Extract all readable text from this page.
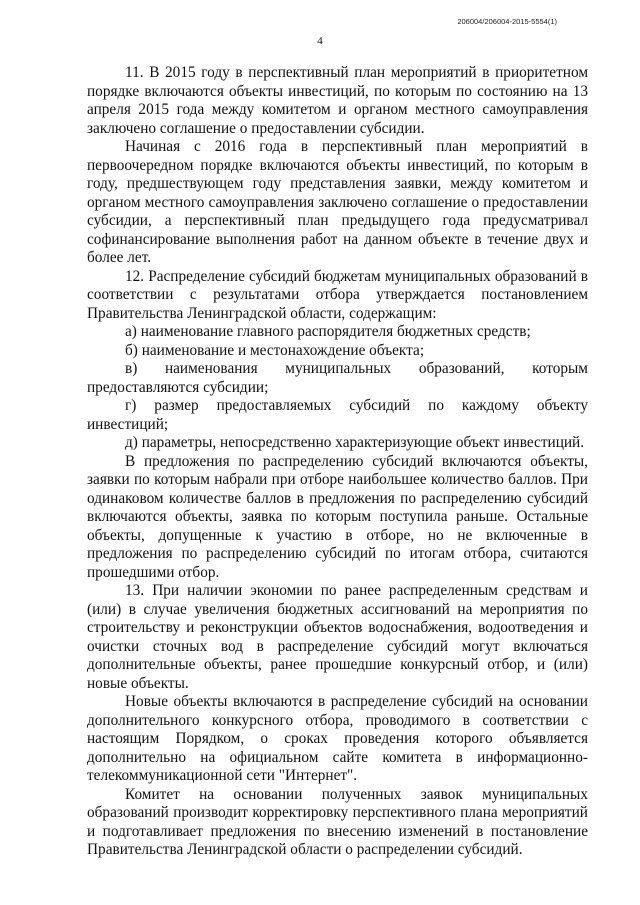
206004/206004-2015-5554(1)
4

11. В 2015 году в перспективный план мероприятий в приоритетном порядке включаются объекты инвестиций, по которым по состоянию на 13 апреля 2015 года между комитетом и органом местного самоуправления заключено соглашение о предоставлении субсидии.

Начиная с 2016 года в перспективный план мероприятий в первоочередном порядке включаются объекты инвестиций, по которым в году, предшествующем году представления заявки, между комитетом и органом местного самоуправления заключено соглашение о предоставлении субсидии, а перспективный план предыдущего года предусматривал софинансирование выполнения работ на данном объекте в течение двух и более лет.

12. Распределение субсидий бюджетам муниципальных образований в соответствии с результатами отбора утверждается постановлением Правительства Ленинградской области, содержащим:

а) наименование главного распорядителя бюджетных средств;

б) наименование и местонахождение объекта;

в) наименования муниципальных образований, которым предоставляются субсидии;

г) размер предоставляемых субсидий по каждому объекту инвестиций;

д) параметры, непосредственно характеризующие объект инвестиций.

В предложения по распределению субсидий включаются объекты, заявки по которым набрали при отборе наибольшее количество баллов. При одинаковом количестве баллов в предложения по распределению субсидий включаются объекты, заявка по которым поступила раньше. Остальные объекты, допущенные к участию в отборе, но не включенные в предложения по распределению субсидий по итогам отбора, считаются прошедшими отбор.

13. При наличии экономии по ранее распределенным средствам и (или) в случае увеличения бюджетных ассигнований на мероприятия по строительству и реконструкции объектов водоснабжения, водоотведения и очистки сточных вод в распределение субсидий могут включаться дополнительные объекты, ранее прошедшие конкурсный отбор, и (или) новые объекты.

Новые объекты включаются в распределение субсидий на основании дополнительного конкурсного отбора, проводимого в соответствии с настоящим Порядком, о сроках проведения которого объявляется дополнительно на официальном сайте комитета в информационно-телекоммуникационной сети "Интернет".

Комитет на основании полученных заявок муниципальных образований производит корректировку перспективного плана мероприятий и подготавливает предложения по внесению изменений в постановление Правительства Ленинградской области о распределении субсидий.
